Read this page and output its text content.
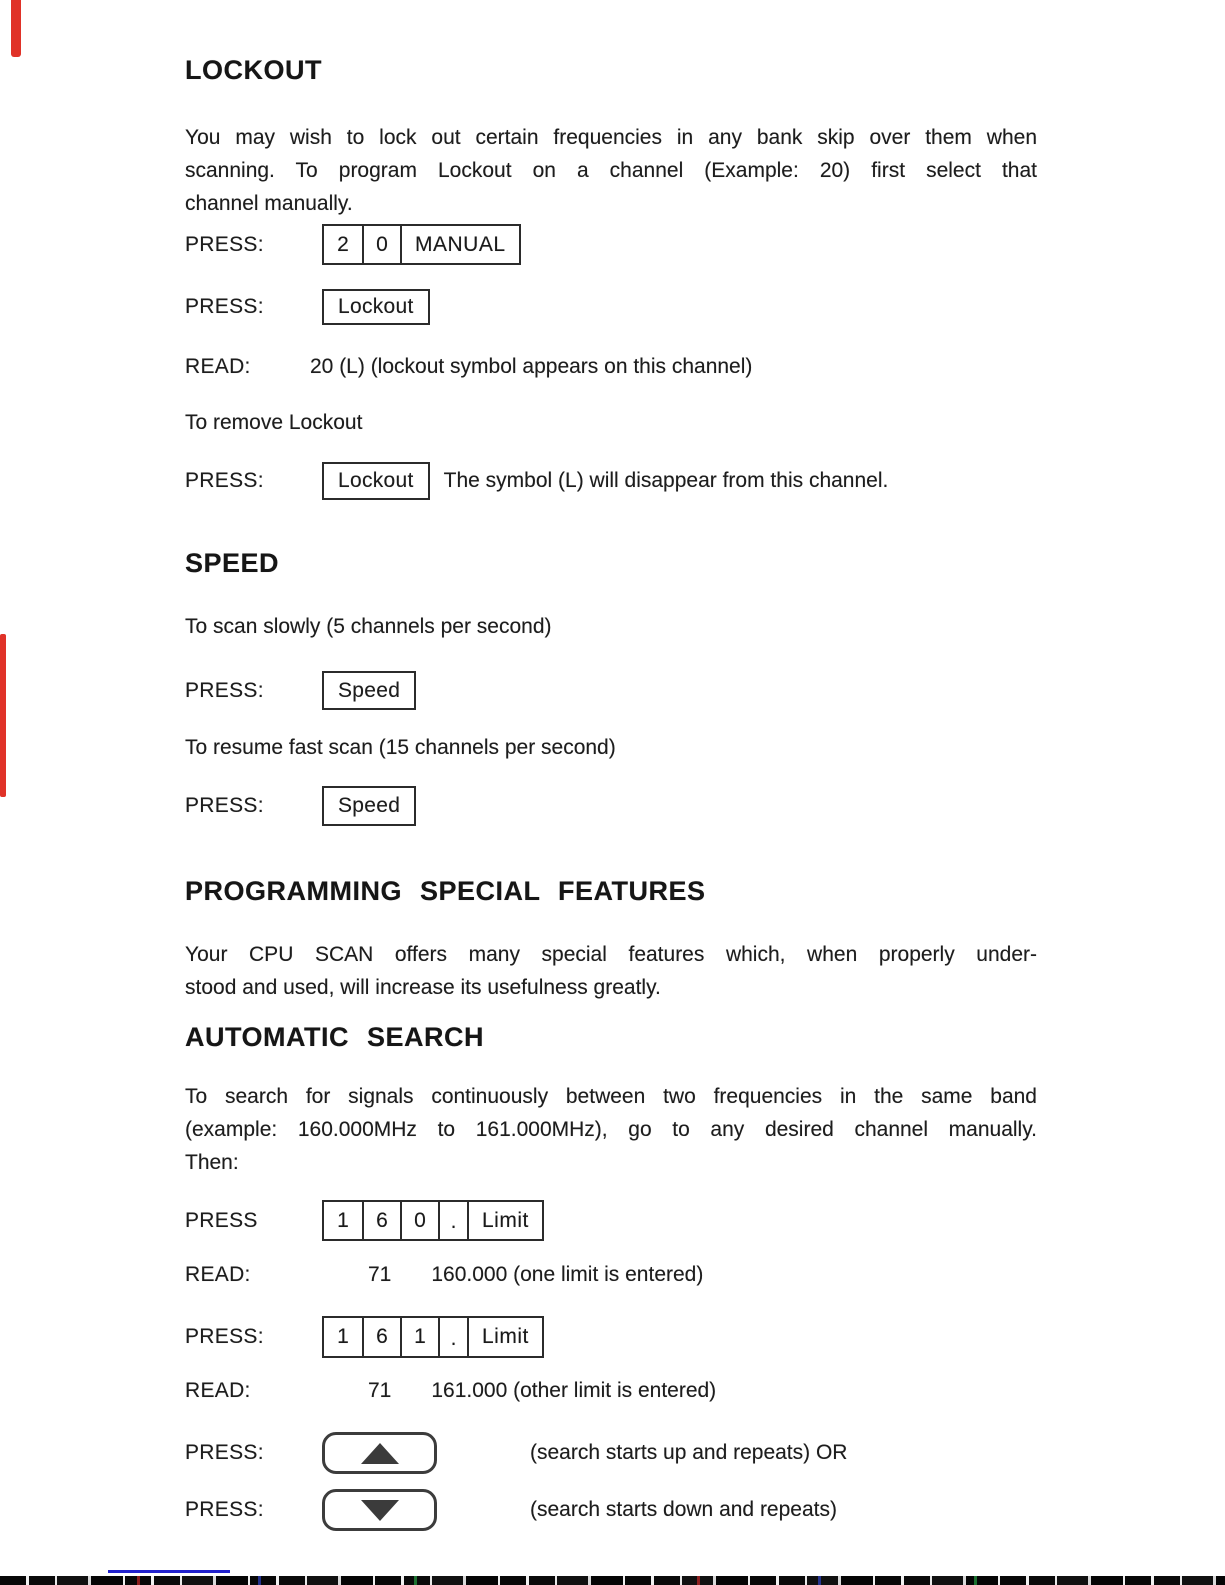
LOCKOUT
You may wish to lock out certain frequencies in any bank skip over them when
scanning. To program Lockout on a channel (Example: 20) first select that
channel manually.
PRESS:	2	0	MANUAL
PRESS:	Lockout
READ:	20 (L) (lockout symbol appears on this channel)
To remove Lockout
PRESS:	Lockout	The symbol (L) will disappear from this channel.
SPEED
To scan slowly (5 channels per second)
PRESS:	Speed
To resume fast scan (15 channels per second)
PRESS:	Speed
PROGRAMMING SPECIAL FEATURES
Your CPU SCAN offers many special features which, when properly under-
stood and used, will increase its usefulness greatly.
AUTOMATIC SEARCH
To search for signals continuously between two frequencies in the same band
(example: 160.000MHz to 161.000MHz), go to any desired channel manually.
Then:
PRESS	1	6	0	.	Limit
READ:	71 160.000 (one limit is entered)
PRESS:	1	6	1	.	Limit
READ:	71 161.000 (other limit is entered)
PRESS:	(search starts up and repeats) OR
PRESS:	(search starts down and repeats)
